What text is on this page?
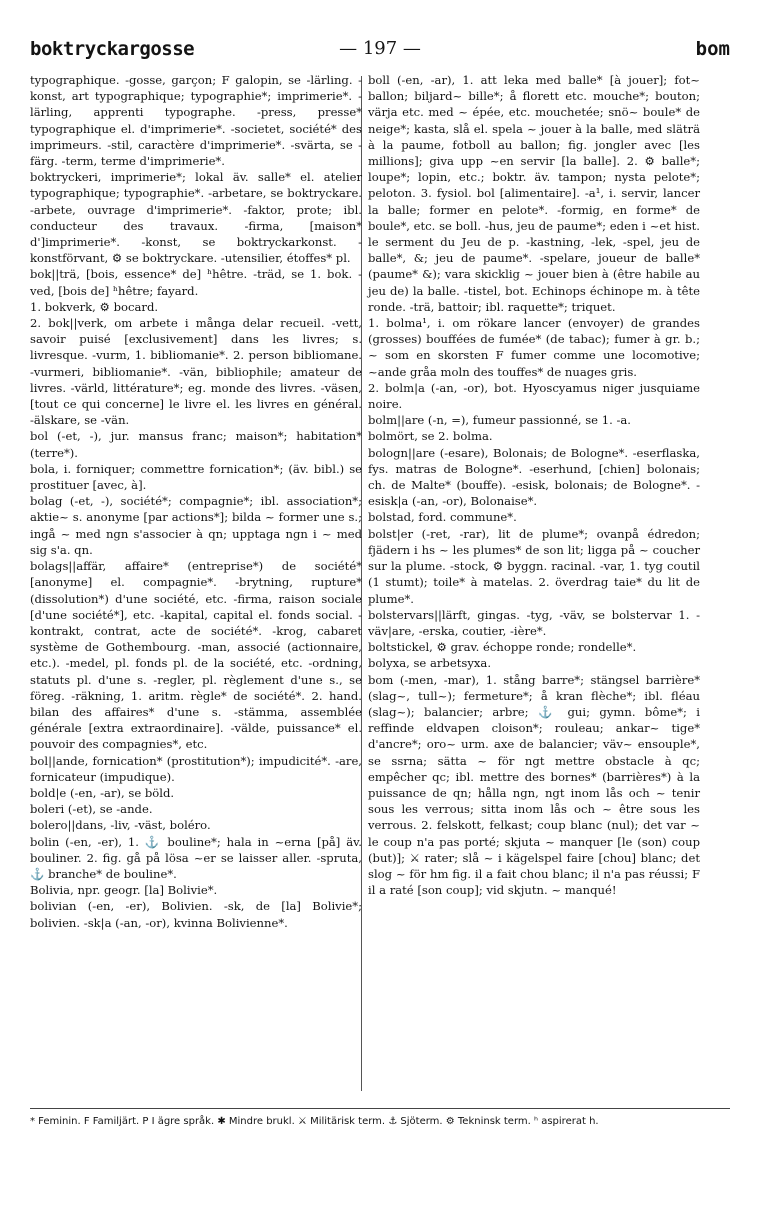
boktryckargosse	— 197 —	bom

typographique. -gosse, garçon; F galopin, se -lärling. -konst, art typographique; typographie*; imprimerie*. -lärling, apprenti typographe. -press, presse* typographique el. d'imprimerie*. -societet, société* des imprimeurs. -stil, caractère d'imprimerie*. -svärta, se -färg. -term, terme d'imprimerie*.

boktryckeri, imprimerie*; lokal äv. salle* el. atelier typographique; typographie*. -arbetare, se boktryckare. -arbete, ouvrage d'imprimerie*. -faktor, prote; ibl. conducteur des travaux. -firma, [maison* d']imprimerie*. -konst, se boktryckarkonst. -konstförvant, ⚙ se boktryckare. -utensilier, étoffes* pl.

bok||trä, [bois, essence* de] ʰhêtre. -träd, se 1. bok. -ved, [bois de] ʰhêtre; fayard.

1. bokverk, ⚙ bocard.

2. bok||verk, om arbete i många delar recueil. -vett, savoir puisé [exclusivement] dans les livres; s. livresque. -vurm, 1. bibliomanie*. 2. person bibliomane. -vurmeri, bibliomanie*. -vän, bibliophile; amateur de livres. -värld, littérature*; eg. monde des livres. -väsen, [tout ce qui concerne] le livre el. les livres en général. -älskare, se -vän.

bol (-et, -), jur. mansus franc; maison*; habitation* (terre*).

bola, i. forniquer; commettre fornication*; (äv. bibl.) se prostituer [avec, à].

bolag (-et, -), société*; compagnie*; ibl. association*; aktie~ s. anonyme [par actions*]; bilda ~ former une s.; ingå ~ med ngn s'associer à qn; upptaga ngn i ~ med sig s'a. qn.

bolags||affär, affaire* (entreprise*) de société* [anonyme] el. compagnie*. -brytning, rupture* (dissolution*) d'une société, etc. -firma, raison sociale [d'une société*], etc. -kapital, capital el. fonds social. -kontrakt, contrat, acte de société*. -krog, cabaret système de Gothembourg. -man, associé (actionnaire, etc.). -medel, pl. fonds pl. de la société, etc. -ordning, statuts pl. d'une s. -regler, pl. règlement d'une s., se föreg. -räkning, 1. aritm. règle* de société*. 2. hand. bilan des affaires* d'une s. -stämma, assemblée générale [extra extraordinaire]. -välde, puissance* el. pouvoir des compagnies*, etc.

bol||ande, fornication* (prostitution*); impudicité*. -are, fornicateur (impudique).

bold|e (-en, -ar), se böld.

boleri (-et), se -ande.

bolero||dans, -liv, -väst, boléro.

bolin (-en, -er), 1. ⚓ bouline*; hala in ~erna [på] äv. bouliner. 2. fig. gå på lösa ~er se laisser aller. -spruta, ⚓ branche* de bouline*.

Bolivia, npr. geogr. [la] Bolivie*.

bolivian (-en, -er), Bolivien. -sk, de [la] Bolivie*; bolivien. -sk|a (-an, -or), kvinna Bolivienne*.

boll (-en, -ar), 1. att leka med balle* [à jouer]; fot~ ballon; biljard~ bille*; å florett etc. mouche*; bouton; värja etc. med ~ épée, etc. mouchetée; snö~ boule* de neige*; kasta, slå el. spela ~ jouer à la balle, med släträ à la paume, fotboll au ballon; fig. jongler avec [les millions]; giva upp ~en servir [la balle]. 2. ⚙ balle*; loupe*; lopin, etc.; boktr. äv. tampon; nysta pelote*; peloton. 3. fysiol. bol [alimentaire]. -a¹, i. servir, lancer la balle; former en pelote*. -formig, en forme* de boule*, etc. se boll. -hus, jeu de paume*; eden i ~et hist. le serment du Jeu de p. -kastning, -lek, -spel, jeu de balle*, &; jeu de paume*. -spelare, joueur de balle* (paume* &); vara skicklig ~ jouer bien à (être habile au jeu de) la balle. -tistel, bot. Echinops échinope m. à tête ronde. -trä, battoir; ibl. raquette*; triquet.

1. bolma¹, i. om rökare lancer (envoyer) de grandes (grosses) bouffées de fumée* (de tabac); fumer à gr. b.; ~ som en skorsten F fumer comme une locomotive; ~ande gråa moln des touffes* de nuages gris.

2. bolm|a (-an, -or), bot. Hyoscyamus niger jusquiame noire.

bolm||are (-n, =), fumeur passionné, se 1. -a.

bolmört, se 2. bolma.

bologn||are (-esare), Bolonais; de Bologne*. -eserflaska, fys. matras de Bologne*. -eserhund, [chien] bolonais; ch. de Malte* (bouffe). -esisk, bolonais; de Bologne*. -esisk|a (-an, -or), Bolonaise*.

bolstad, ford. commune*.

bolst|er (-ret, -rar), lit de plume*; ovanpå édredon; fjädern i hs ~ les plumes* de son lit; ligga på ~ coucher sur la plume. -stock, ⚙ byggn. racinal. -var, 1. tyg coutil (1 stumt); toile* à matelas. 2. överdrag taie* du lit de plume*.

bolstervars||lärft, gingas. -tyg, -väv, se bolstervar 1. -väv|are, -erska, coutier, -ière*.

boltstickel, ⚙ grav. échoppe ronde; rondelle*.

bolyxa, se arbetsyxa.

bom (-men, -mar), 1. stång barre*; stängsel barrière* (slag~, tull~); fermeture*; å kran flèche*; ibl. fléau (slag~); balancier; arbre; ⚓ gui; gymn. bôme*; i reffinde eldvapen cloison*; rouleau; ankar~ tige* d'ancre*; oro~ urm. axe de balancier; väv~ ensouple*, se ssrna; sätta ~ för ngt mettre obstacle à qc; empêcher qc; ibl. mettre des bornes* (barrières*) à la puissance de qn; hålla ngn, ngt inom lås och ~ tenir sous les verrous; sitta inom lås och ~ être sous les verrous. 2. felskott, felkast; coup blanc (nul); det var ~ le coup n'a pas porté; skjuta ~ manquer [le (son) coup (but)]; ⚔ rater; slå ~ i kägelspel faire [chou] blanc; det slog ~ för hm fig. il a fait chou blanc; il n'a pas réussi; F il a raté [son coup]; vid skjutn. ~ manqué!

* Feminin. F Familjärt. P I ägre språk. ✱ Mindre brukl. ⚔ Militärisk term. ⚓ Sjöterm. ⚙ Tekninsk term. ʰ aspirerat h.
